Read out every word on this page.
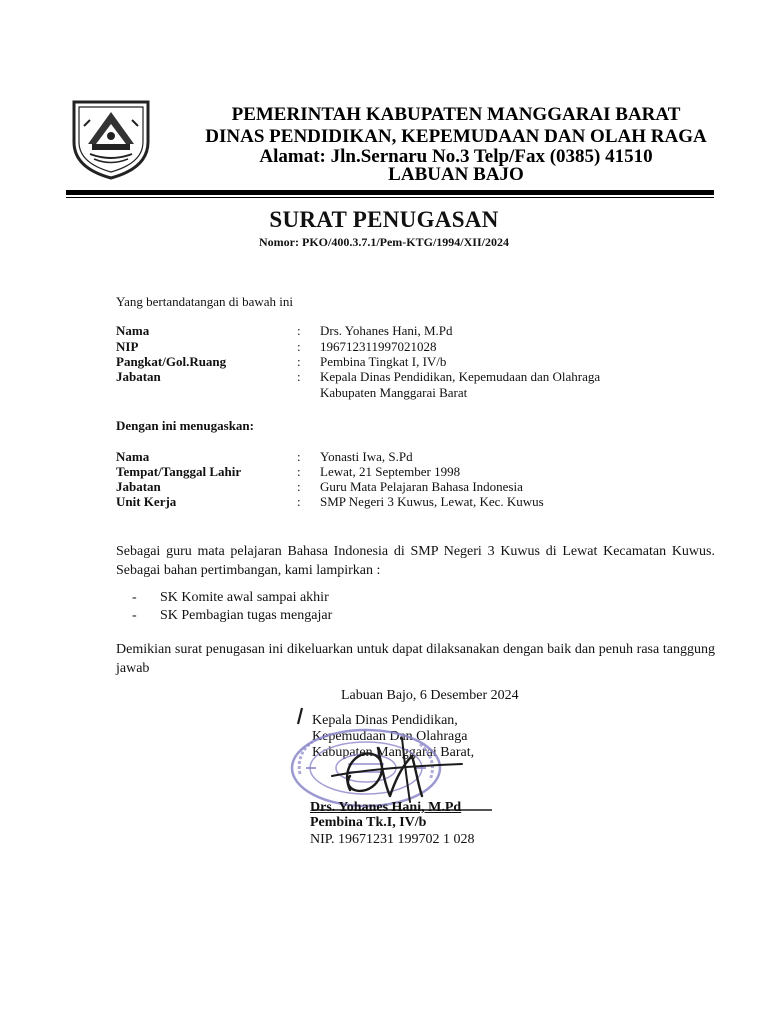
PEMERINTAH KABUPATEN MANGGARAI BARAT
DINAS PENDIDIKAN, KEPEMUDAAN DAN OLAH RAGA
Alamat: Jln.Sernaru No.3 Telp/Fax (0385) 41510
LABUAN BAJO
SURAT PENUGASAN
Nomor: PKO/400.3.7.1/Pem-KTG/1994/XII/2024
Yang bertandatangan di bawah ini
Nama	: Drs. Yohanes Hani, M.Pd
NIP	: 196712311997021028
Pangkat/Gol.Ruang	: Pembina Tingkat I, IV/b
Jabatan	: Kepala Dinas Pendidikan, Kepemudaan dan Olahraga
Kabupaten Manggarai Barat
Dengan ini menugaskan:
Nama	: Yonasti Iwa, S.Pd
Tempat/Tanggal Lahir	: Lewat, 21 September 1998
Jabatan	: Guru Mata Pelajaran Bahasa Indonesia
Unit Kerja	: SMP Negeri 3 Kuwus, Lewat, Kec. Kuwus
Sebagai guru mata pelajaran Bahasa Indonesia di SMP Negeri 3 Kuwus di Lewat Kecamatan Kuwus. Sebagai bahan pertimbangan, kami lampirkan :
- SK Komite awal sampai akhir
- SK Pembagian tugas mengajar
Demikian surat penugasan ini dikeluarkan untuk dapat dilaksanakan dengan baik dan penuh rasa tanggung jawab
Labuan Bajo, 6 Desember 2024
Kepala Dinas Pendidikan,
Kepemudaan Dan Olahraga
Kabupaten Manggarai Barat,
Drs. Yohanes Hani, M.Pd
Pembina Tk.I, IV/b
NIP. 19671231 199702 1 028
